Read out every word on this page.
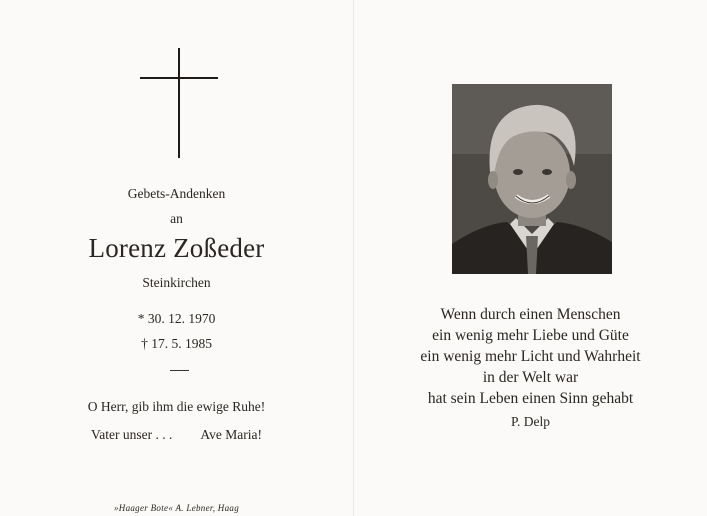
Gebets-Andenken
an
Lorenz Zoßeder
Steinkirchen
* 30. 12. 1970
† 17. 5. 1985
O Herr, gib ihm die ewige Ruhe!
Vater unser . . . Ave Maria!
»Haager Bote« A. Lebner, Haag
Wenn durch einen Menschen
ein wenig mehr Liebe und Güte
ein wenig mehr Licht und Wahrheit
in der Welt war
hat sein Leben einen Sinn gehabt
P. Delp
